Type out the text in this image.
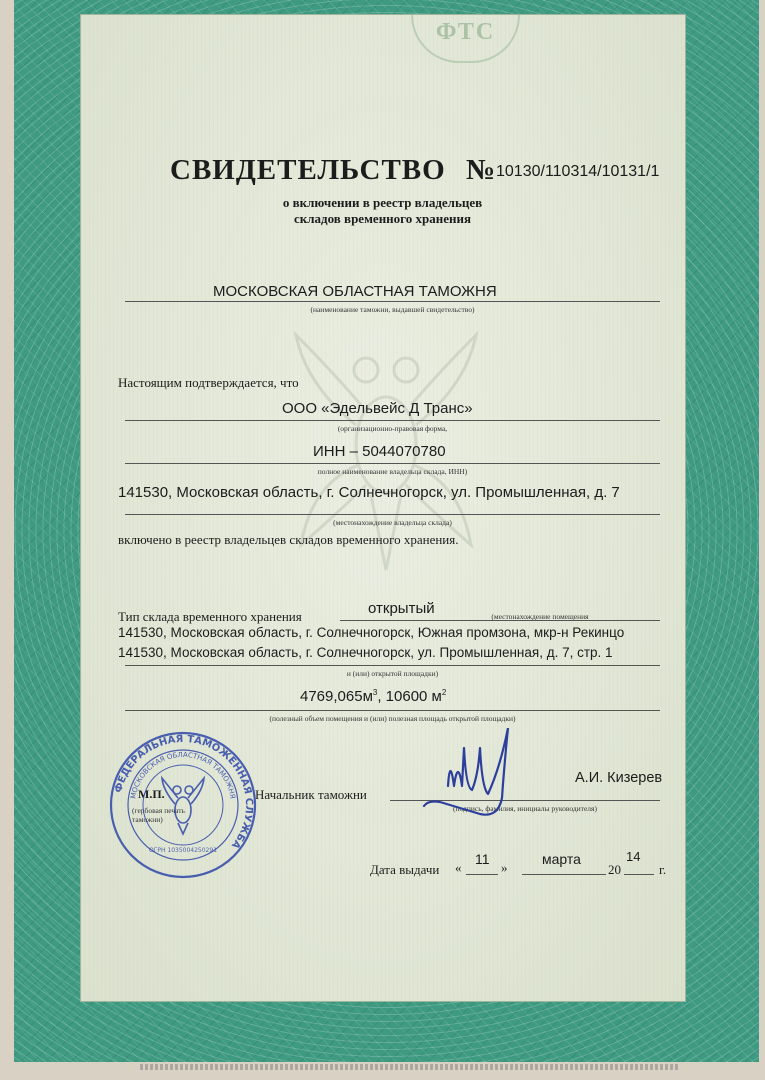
ФТС
СВИДЕТЕЛЬСТВО № 10130/110314/10131/1
о включении в реестр владельцев
складов временного хранения
МОСКОВСКАЯ ОБЛАСТНАЯ ТАМОЖНЯ
(наименование таможни, выдавшей свидетельство)
Настоящим подтверждается, что
ООО «Эдельвейс Д Транс»
(организационно-правовая форма,
ИНН – 5044070780
полное наименование владельца склада, ИНН)
141530, Московская область, г. Солнечногорск, ул. Промышленная, д. 7
(местонахождение владельца склада)
включено в реестр владельцев складов временного хранения.
Тип склада временного хранения	открытый	(местонахождение помещения
141530, Московская область, г. Солнечногорск, Южная промзона, мкр-н Рекинцо
141530, Московская область, г. Солнечногорск, ул. Промышленная, д. 7, стр. 1
и (или) открытой площадки)
$4769,065м^3$, 10600 $м^2$
(полезный объем помещения и (или) полезная площадь открытой площадки)
М.П.
(гербовая печать таможни)
Начальник таможни
А.И. Кизерев
(подпись, фамилия, инициалы руководителя)
Дата выдачи «
11
»
марта
20
14
г.
ФЕДЕРАЛЬНАЯ ТАМОЖЕННАЯ СЛУЖБА
МОСКОВСКАЯ ОБЛАСТНАЯ ТАМОЖНЯ
ОГРН 1035004250291
